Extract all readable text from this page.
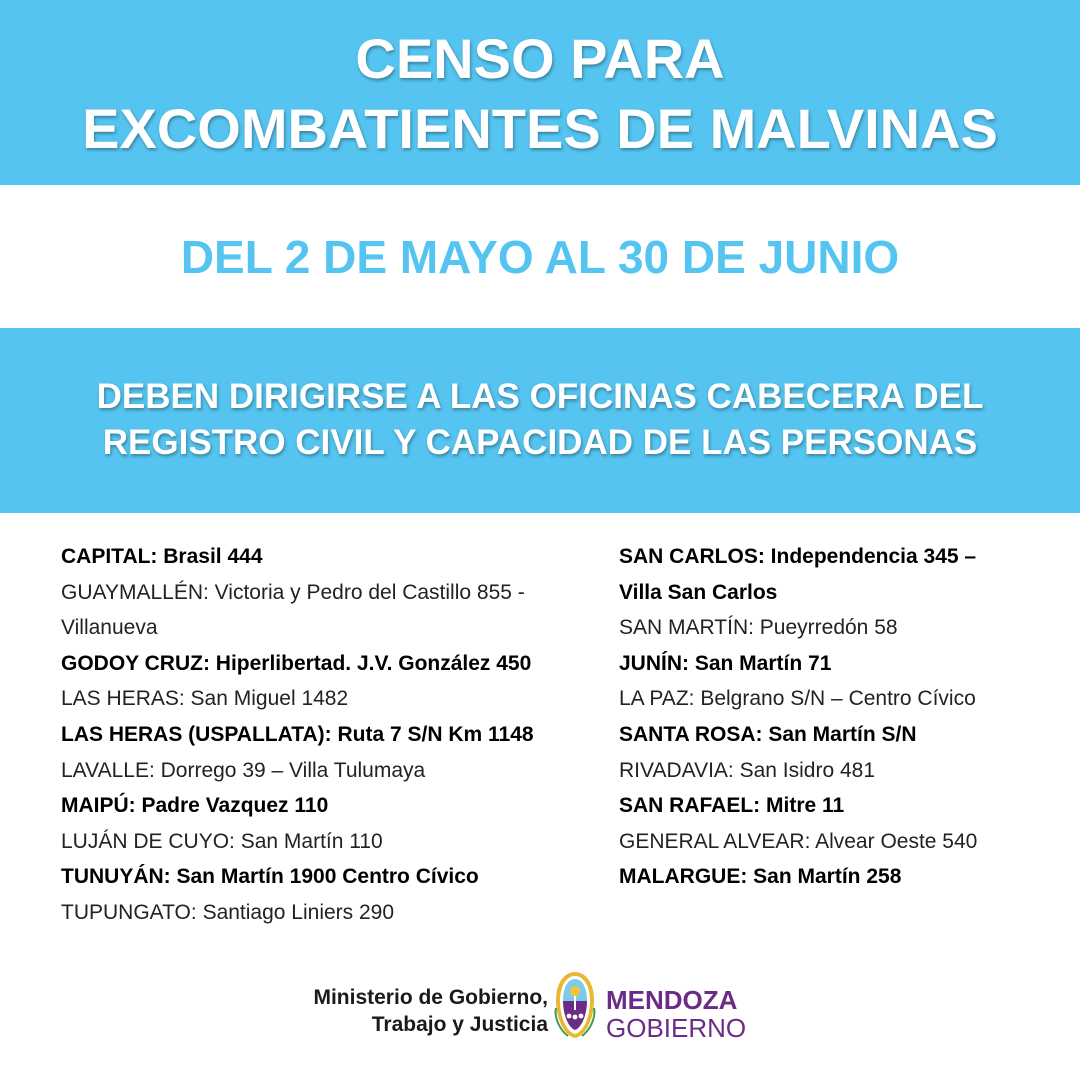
CENSO PARA
EXCOMBATIENTES DE MALVINAS

DEL 2 DE MAYO AL 30 DE JUNIO

DEBEN DIRIGIRSE A LAS OFICINAS CABECERA DEL
REGISTRO CIVIL Y CAPACIDAD DE LAS PERSONAS

CAPITAL: Brasil 444
GUAYMALLÉN: Victoria y Pedro del Castillo 855 -
Villanueva
GODOY CRUZ: Hiperlibertad. J.V. González 450
LAS HERAS: San Miguel 1482
LAS HERAS (USPALLATA): Ruta 7 S/N Km 1148
LAVALLE: Dorrego 39 – Villa Tulumaya
MAIPÚ: Padre Vazquez 110
LUJÁN DE CUYO: San Martín 110
TUNUYÁN: San Martín 1900 Centro Cívico
TUPUNGATO: Santiago Liniers 290
SAN CARLOS: Independencia 345 –
Villa San Carlos
SAN MARTÍN: Pueyrredón 58
JUNÍN: San Martín 71
LA PAZ: Belgrano S/N – Centro Cívico
SANTA ROSA: San Martín S/N
RIVADAVIA: San Isidro 481
SAN RAFAEL: Mitre 11
GENERAL ALVEAR: Alvear Oeste 540
MALARGUE: San Martín 258
Ministerio de Gobierno,
Trabajo y Justicia
MENDOZA
GOBIERNO
